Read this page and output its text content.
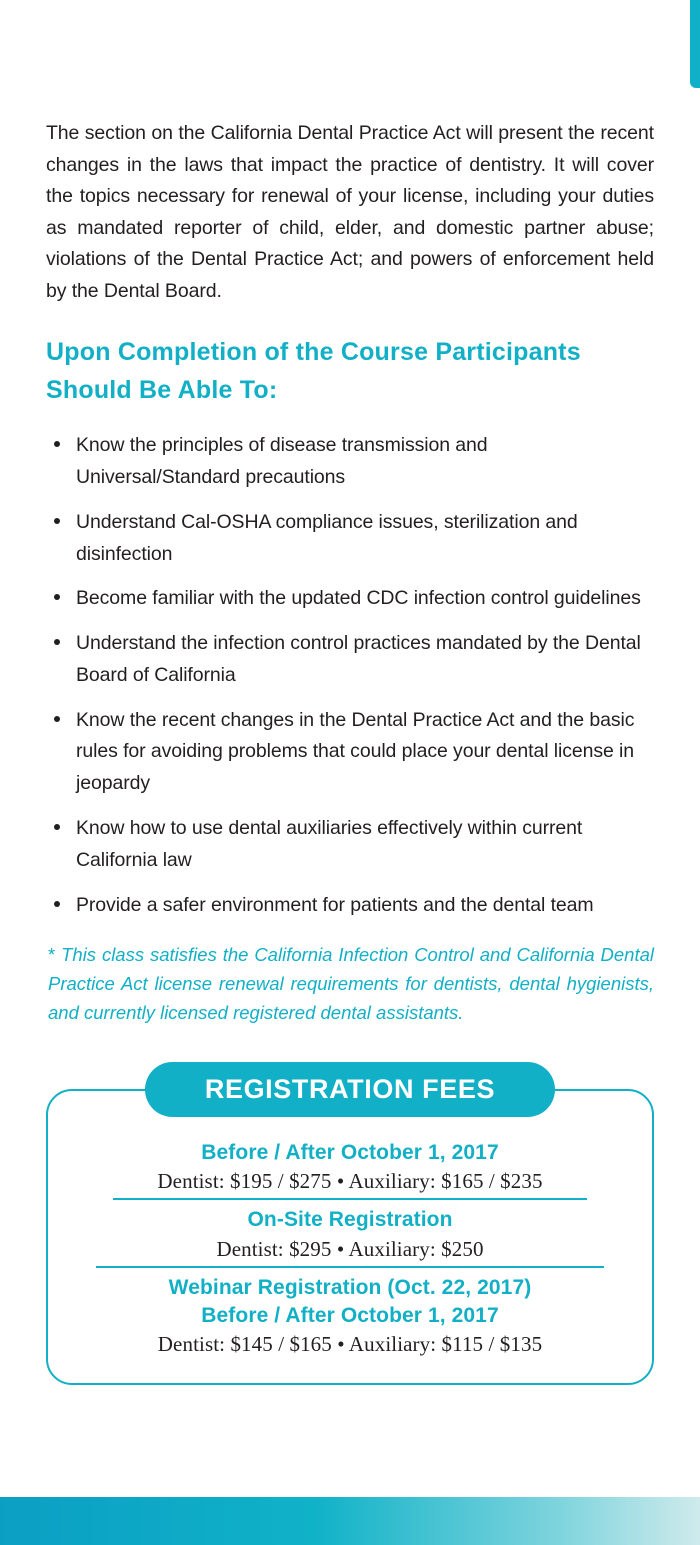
The section on the California Dental Practice Act will present the recent changes in the laws that impact the practice of dentistry. It will cover the topics necessary for renewal of your license, including your duties as mandated reporter of child, elder, and domestic partner abuse; violations of the Dental Practice Act; and powers of enforcement held by the Dental Board.

Upon Completion of the Course Participants Should Be Able To:
Know the principles of disease transmission and Universal/Standard precautions
Understand Cal-OSHA compliance issues, sterilization and disinfection
Become familiar with the updated CDC infection control guidelines
Understand the infection control practices mandated by the Dental Board of California
Know the recent changes in the Dental Practice Act and the basic rules for avoiding problems that could place your dental license in jeopardy
Know how to use dental auxiliaries effectively within current California law
Provide a safer environment for patients and the dental team

* This class satisfies the California Infection Control and California Dental Practice Act license renewal requirements for dentists, dental hygienists, and currently licensed registered dental assistants.

REGISTRATION FEES
Before / After October 1, 2017
Dentist: $195 / $275 • Auxiliary: $165 / $235
On-Site Registration
Dentist: $295 • Auxiliary: $250
Webinar Registration (Oct. 22, 2017)
Before / After October 1, 2017
Dentist: $145 / $165 • Auxiliary: $115 / $135
